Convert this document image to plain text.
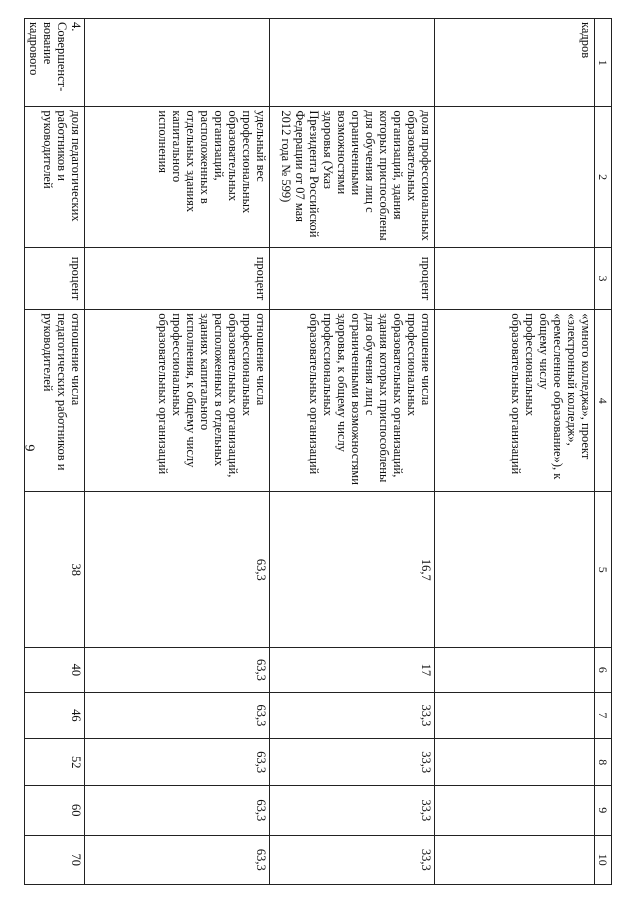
6
1	2	3	4	5	6	7	8	9	10
кадров			«умного колледжа», проект «электронный колледж», «ремесленное образование»), к общему числу профессиональных образовательных организаций						
	доля профессиональных образовательных организаций, здания которых приспособлены для обучения лиц с ограниченными возможностями здоровья (Указ Президента Российской Федерации от 07 мая 2012 года № 599)	процент	отношение числа профессиональных образовательных организаций, здания которых приспособлены для обучения лиц с ограниченными возможностями здоровья, к общему числу профессиональных образовательных организаций	16,7	17	33,3	33,3	33,3	33,3
	удельный вес профессиональных образовательных организаций, расположенных в отдельных зданиях капитального исполнения	процент	отношение числа профессиональных образовательных организаций, расположенных в отдельных зданиях капитального исполнения, к общему числу профессиональных образовательных организаций	63,3	63,3	63,3	63,3	63,3	63,3
4. Совершенст-вование кадрового	доля педагогических работников и руководителей	процент	отношение числа педагогических работников и руководителей	38	40	46	52	60	70
